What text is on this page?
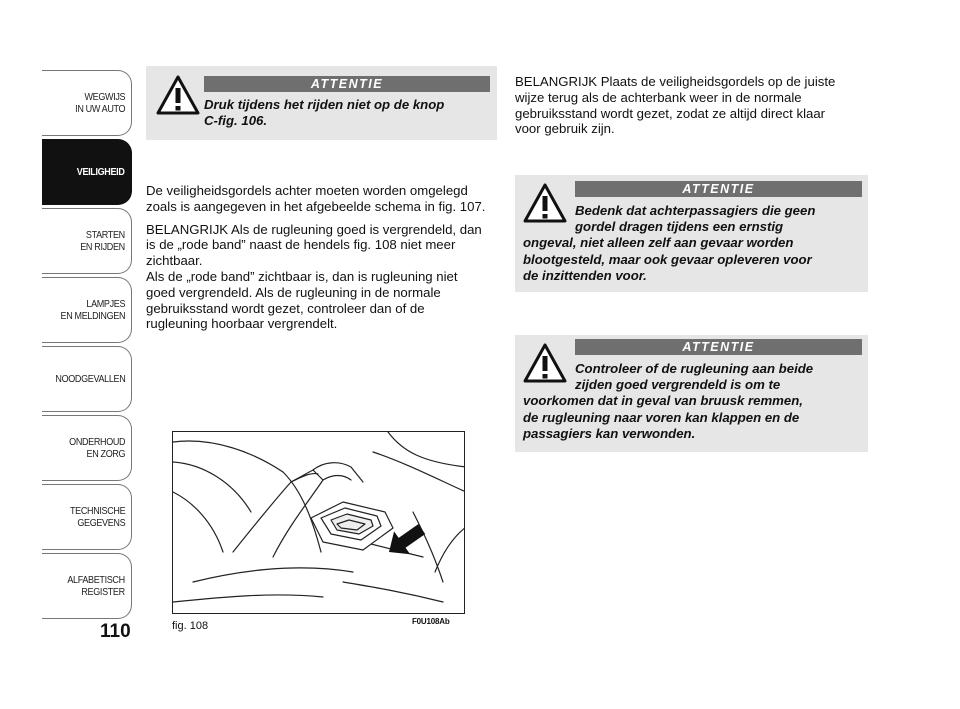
WEGWIJS
IN UW AUTO
VEILIGHEID
STARTEN
EN RIJDEN
LAMPJES
EN MELDINGEN
NOODGEVALLEN
ONDERHOUD
EN ZORG
TECHNISCHE
GEGEVENS
ALFABETISCH
REGISTER
110
ATTENTIE
Druk tijdens het rijden niet op de knop
C-fig. 106.
De veiligheidsgordels achter moeten worden omgelegd
zoals is aangegeven in het afgebeelde schema in fig. 107.
BELANGRIJK Als de rugleuning goed is vergrendeld, dan
is de „rode band” naast de hendels fig. 108 niet meer
zichtbaar.
Als de „rode band” zichtbaar is, dan is rugleuning niet
goed vergrendeld. Als de rugleuning in de normale
gebruiksstand wordt gezet, controleer dan of de
rugleuning hoorbaar vergrendelt.
BELANGRIJK Plaats de veiligheidsgordels op de juiste
wijze terug als de achterbank weer in de normale
gebruiksstand wordt gezet, zodat ze altijd direct klaar
voor gebruik zijn.
ATTENTIE
Bedenk dat achterpassagiers die geen
gordel dragen tijdens een ernstig
ongeval, niet alleen zelf aan gevaar worden
blootgesteld, maar ook gevaar opleveren voor
de inzittenden voor.
ATTENTIE
Controleer of de rugleuning aan beide
zijden goed vergrendeld is om te
voorkomen dat in geval van bruusk remmen,
de rugleuning naar voren kan klappen en de
passagiers kan verwonden.
fig. 108	F0U108Ab
